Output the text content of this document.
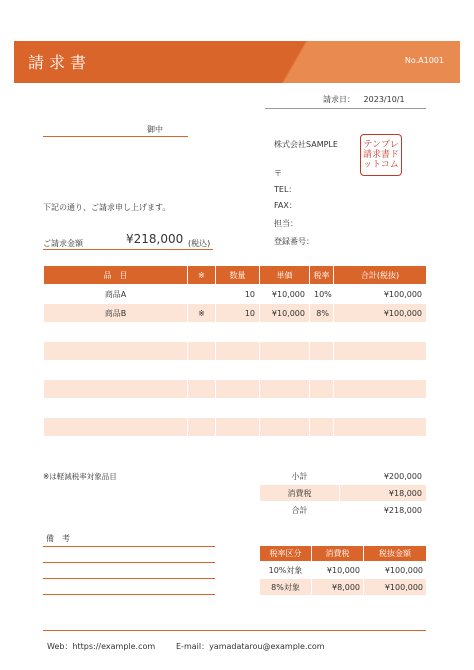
請求書	No.A1001
請求日： 2023/10/1
御中
下記の通り、ご請求申し上げます。
ご請求金額	¥218,000 (税込)
株式会社SAMPLE
〒
TEL：
FAX：
担当：
登録番号：
テンプレ請求書ドットコム
品　目	※	数量	単価	税率	合計(税抜)
商品A		10	¥10,000	10%	¥100,000
商品B	※	10	¥10,000	8%	¥100,000

※は軽減税率対象品目	小計	¥200,000
消費税	¥18,000
合計	¥218,000
備　考
税率区分	消費税	税抜金額
10%対象	¥10,000	¥100,000
8%対象	¥8,000	¥100,000
Web：https://example.com	E-mail：yamadatarou@example.com
